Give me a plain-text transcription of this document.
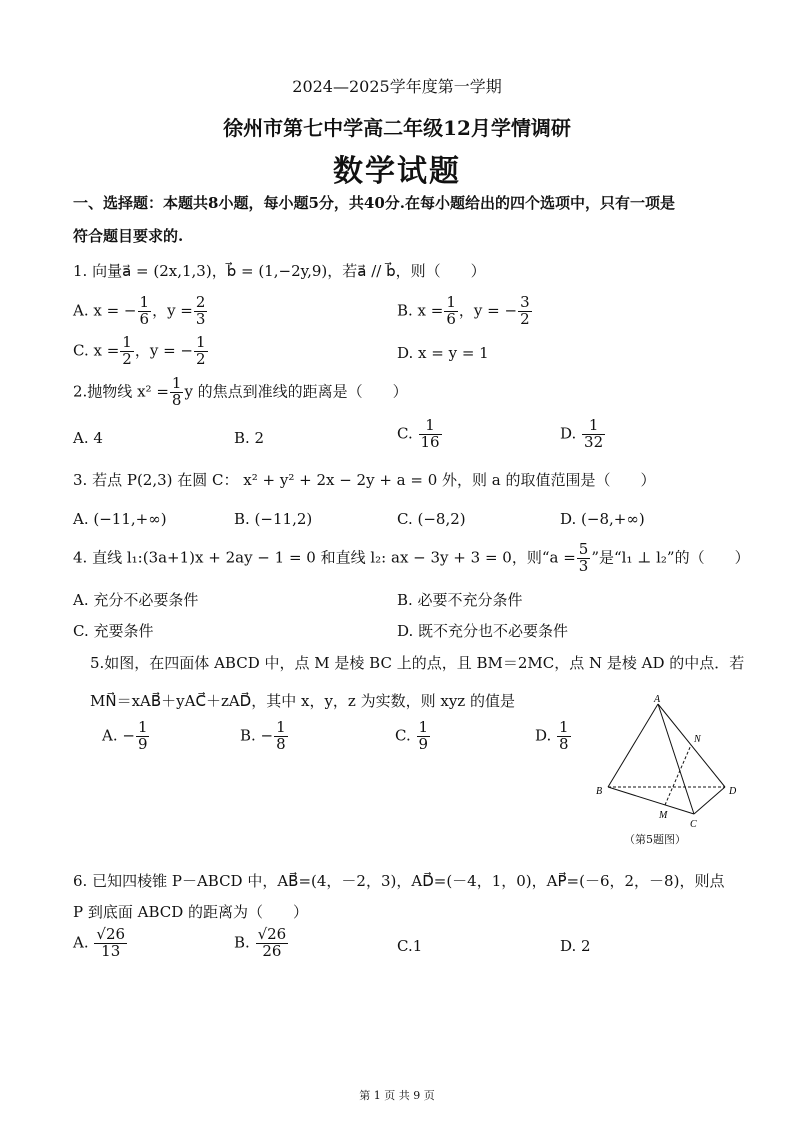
2024—2025学年度第一学期
徐州市第七中学高二年级12月学情调研
数学试题
一、选择题：本题共8小题，每小题5分，共40分.在每小题给出的四个选项中，只有一项是
符合题目要求的.
1. 向量a⃗ = (2x,1,3)，b⃗ = (1,−2y,9)，若a⃗ // b⃗，则（　　）
A. x = − $\frac{1}{6}$ ，$y = \frac{2}{3}$	B. $x = \frac{1}{6}$ ，y = − $\frac{3}{2}$
C. $x = \frac{1}{2}$ ，y = − $\frac{1}{2}$	D. x = y = 1
2.抛物线 $x^2 = \frac{1}{8}$ y 的焦点到准线的距离是（　　）
A. 4	B. 2	C. $\frac{1}{16}$	D. $\frac{1}{32}$
3. 若点 P(2,3) 在圆 C： x² + y² + 2x − 2y + a = 0 外，则 a 的取值范围是（　　）
A. (−11,+∞)	B. (−11,2)	C. (−8,2)	D. (−8,+∞)
4. 直线 l₁:(3a+1)x + 2ay − 1 = 0 和直线 l₂: ax − 3y + 3 = 0，则“$a = \frac{5}{3}$ ”是“l₁ ⊥ l₂”的（　　）
A. 充分不必要条件	B. 必要不充分条件
C. 充要条件	D. 既不充分也不必要条件
5.如图，在四面体 ABCD 中，点 M 是棱 BC 上的点，且 BM＝2MC，点 N 是棱 AD 的中点．若
MN⃗＝xAB⃗＋yAC⃗＋zAD⃗，其中 x，y，z 为实数，则 xyz 的值是
A. − $\frac{1}{9}$	B. − $\frac{1}{8}$	C. $\frac{1}{9}$	D. $\frac{1}{8}$
A
N
B	D
M
C
（第5题图）
6. 已知四棱锥 P－ABCD 中，AB⃗=(4，－2，3)，AD⃗=(－4，1，0)，AP⃗=(－6，2，－8)，则点
P 到底面 ABCD 的距离为（　　）
A. $\frac{√26}{13}$	B. $\frac{√26}{26}$	C.1	D. 2
第 1 页 共 9 页
